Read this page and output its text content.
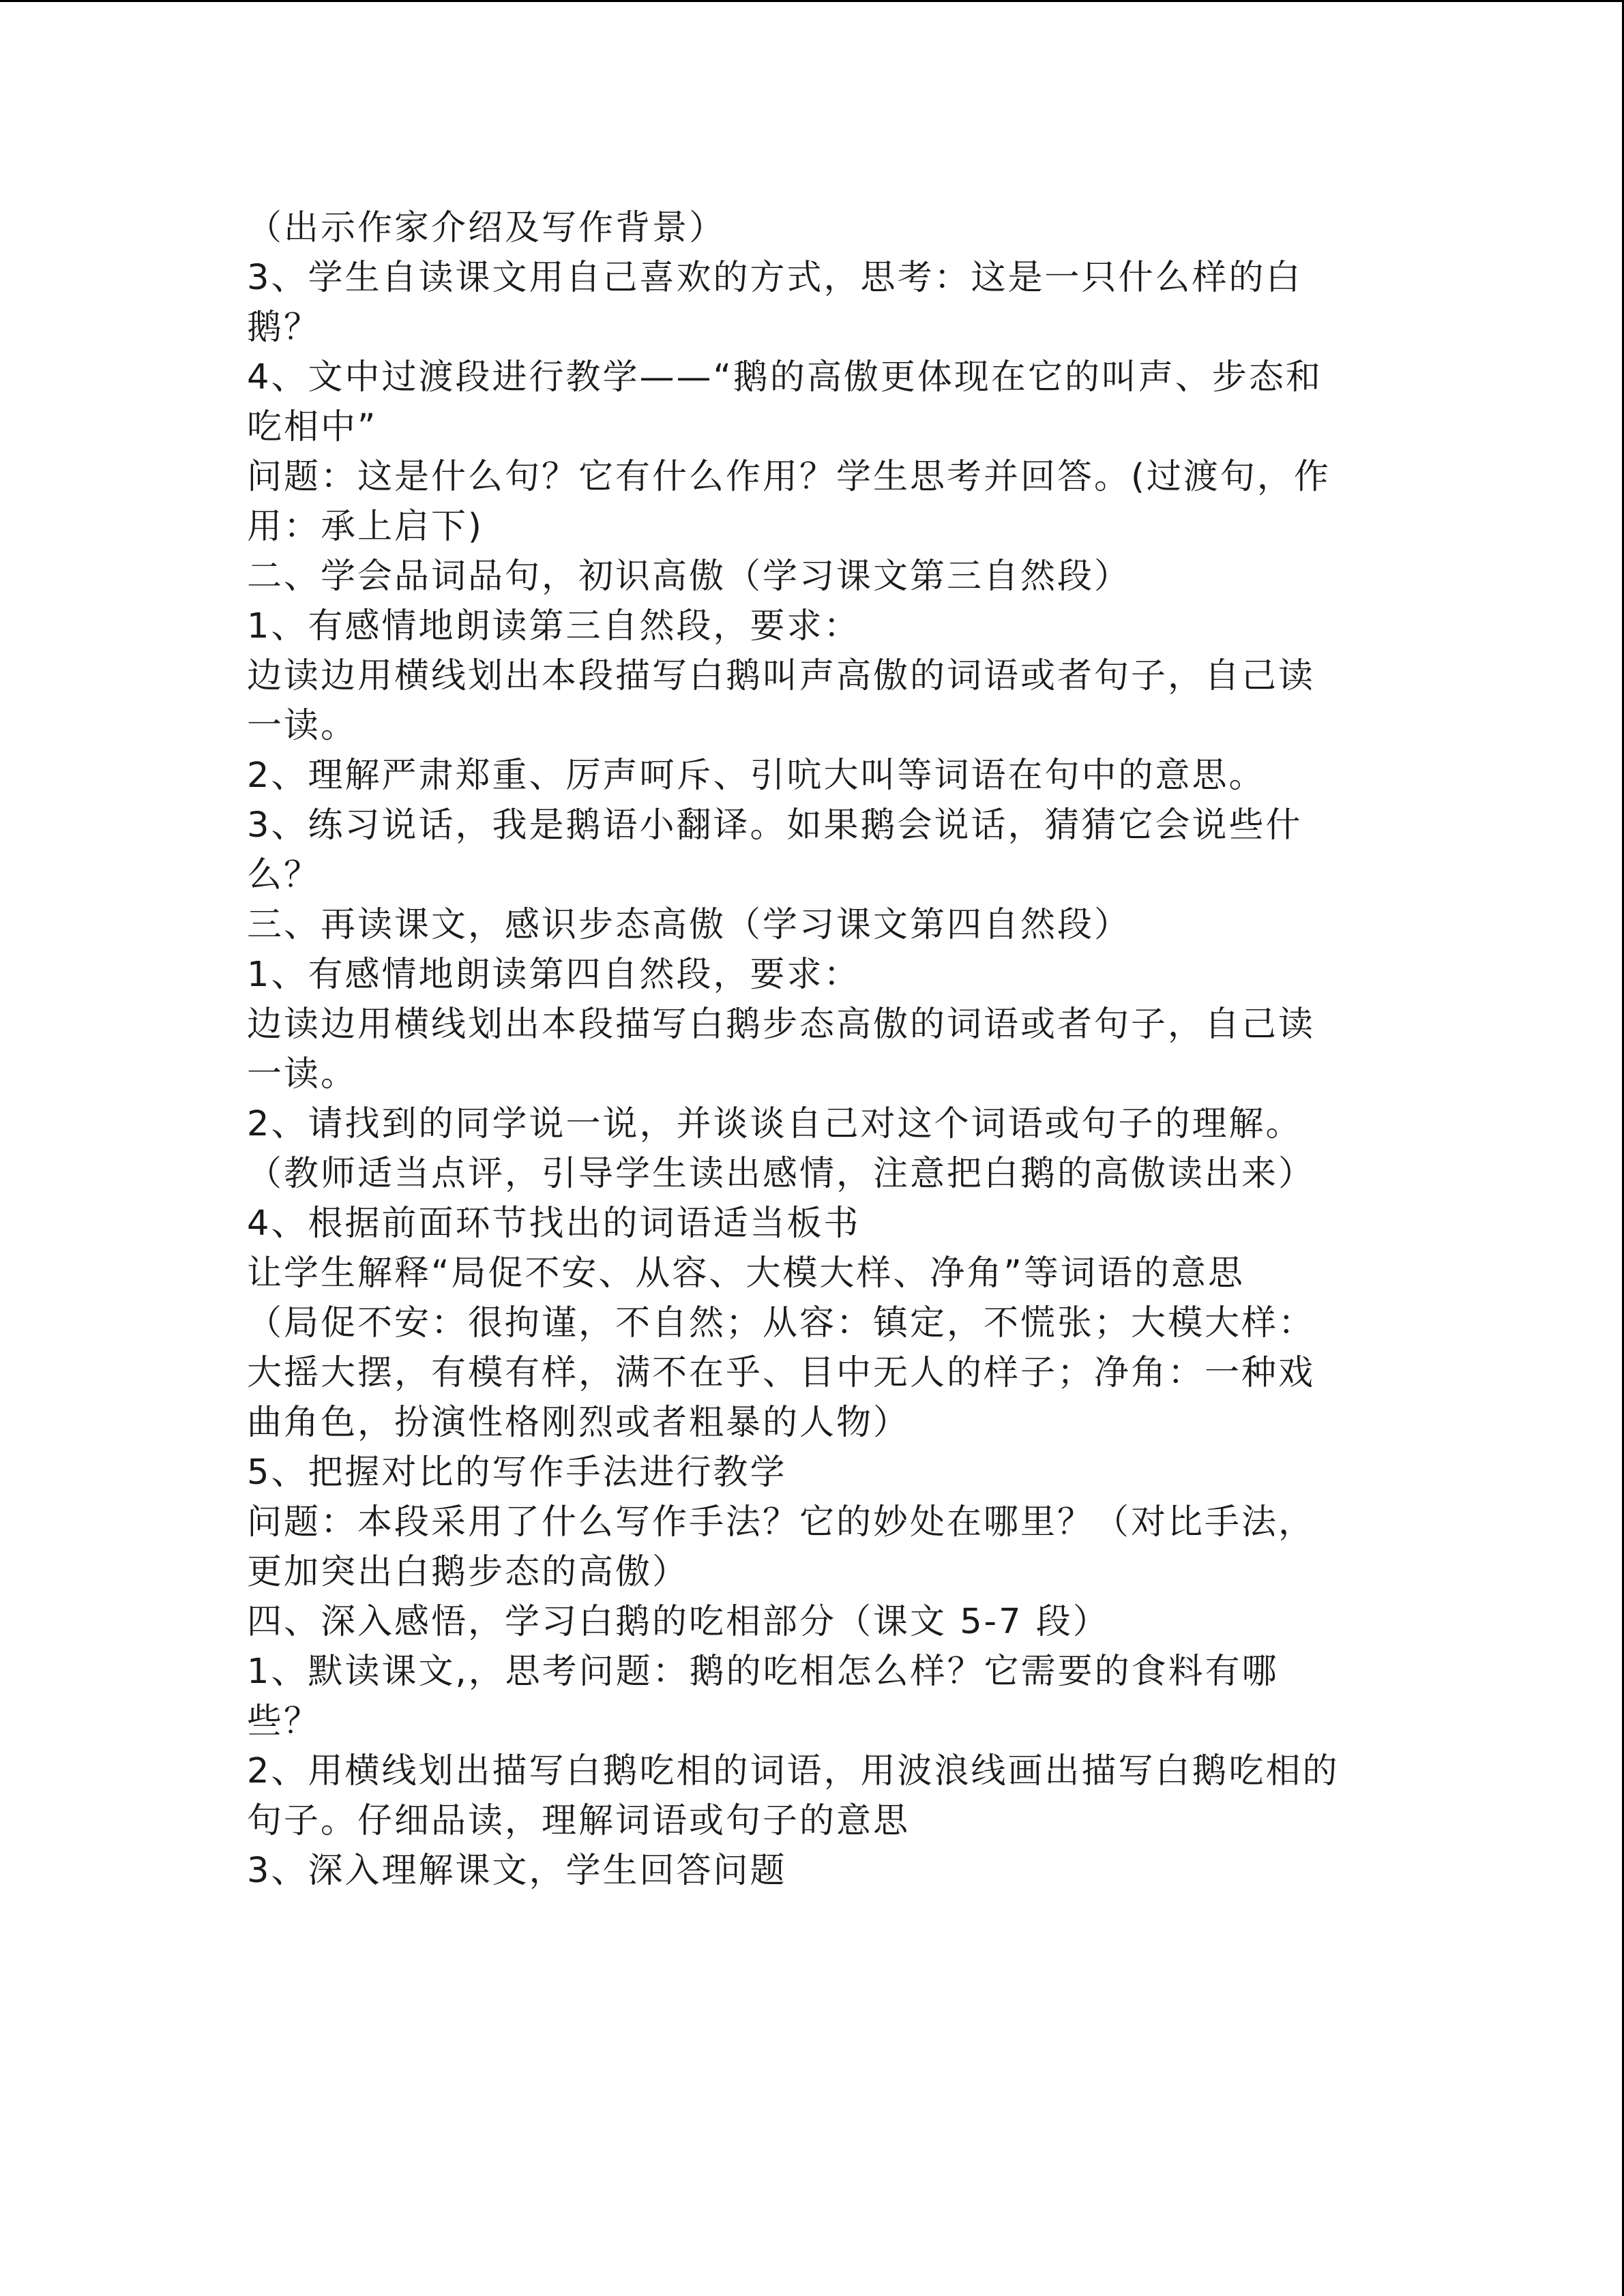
（出示作家介绍及写作背景）
3、学生自读课文用自己喜欢的方式，思考：这是一只什么样的白
鹅？
4、文中过渡段进行教学——“鹅的高傲更体现在它的叫声、步态和
吃相中”
问题：这是什么句？它有什么作用？学生思考并回答。(过渡句，作
用：承上启下)
二、学会品词品句，初识高傲（学习课文第三自然段）
1、有感情地朗读第三自然段，要求：
边读边用横线划出本段描写白鹅叫声高傲的词语或者句子，自己读
一读。
2、理解严肃郑重、厉声呵斥、引吭大叫等词语在句中的意思。
3、练习说话，我是鹅语小翻译。如果鹅会说话，猜猜它会说些什
么？
三、再读课文，感识步态高傲（学习课文第四自然段）
1、有感情地朗读第四自然段，要求：
边读边用横线划出本段描写白鹅步态高傲的词语或者句子，自己读
一读。
2、请找到的同学说一说，并谈谈自己对这个词语或句子的理解。
（教师适当点评，引导学生读出感情，注意把白鹅的高傲读出来）
4、根据前面环节找出的词语适当板书
让学生解释“局促不安、从容、大模大样、净角”等词语的意思
（局促不安：很拘谨，不自然；从容：镇定，不慌张；大模大样：
大摇大摆，有模有样，满不在乎、目中无人的样子；净角：一种戏
曲角色，扮演性格刚烈或者粗暴的人物）
5、把握对比的写作手法进行教学
问题：本段采用了什么写作手法？它的妙处在哪里？（对比手法，
更加突出白鹅步态的高傲）
四、深入感悟，学习白鹅的吃相部分（课文 5-7 段）
1、默读课文,，思考问题：鹅的吃相怎么样？它需要的食料有哪
些？
2、用横线划出描写白鹅吃相的词语，用波浪线画出描写白鹅吃相的
句子。仔细品读，理解词语或句子的意思
3、深入理解课文，学生回答问题
